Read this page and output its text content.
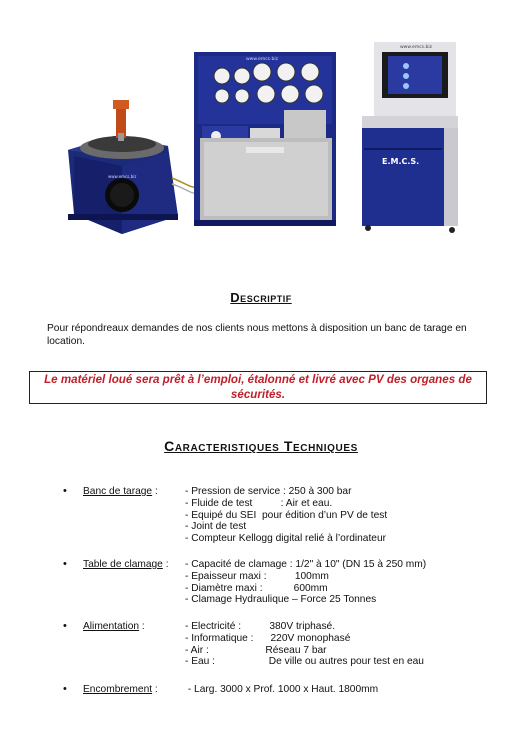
www.emcs.biz
www.emcs.biz
E.M.C.S.
www.emcs.biz
Descriptif
Pour répondreaux demandes de nos clients nous mettons à disposition un banc de tarage en location.
Le matériel loué sera prêt à l’emploi, étalonné et livré avec PV des organes de sécurités.
Caracteristiques Techniques
• Banc de tarage :	- Pression de service : 250 à 300 bar
- Fluide de test          : Air et eau.
- Equipé du SEI  pour édition d’un PV de test
- Joint de test
- Compteur Kellogg digital relié à l’ordinateur
• Table de clamage : - Capacité de clamage : 1/2" à 10" (DN 15 à 250 mm)
- Epaisseur maxi :          100mm
- Diamètre maxi :           600mm
- Clamage Hydraulique – Force 25 Tonnes
• Alimentation :	- Electricité :          380V triphasé.
- Informatique :      220V monophasé
- Air :                    Réseau 7 bar
- Eau :                   De ville ou autres pour test en eau
• Encombrement :	- Larg. 3000 x Prof. 1000 x Haut. 1800mm
